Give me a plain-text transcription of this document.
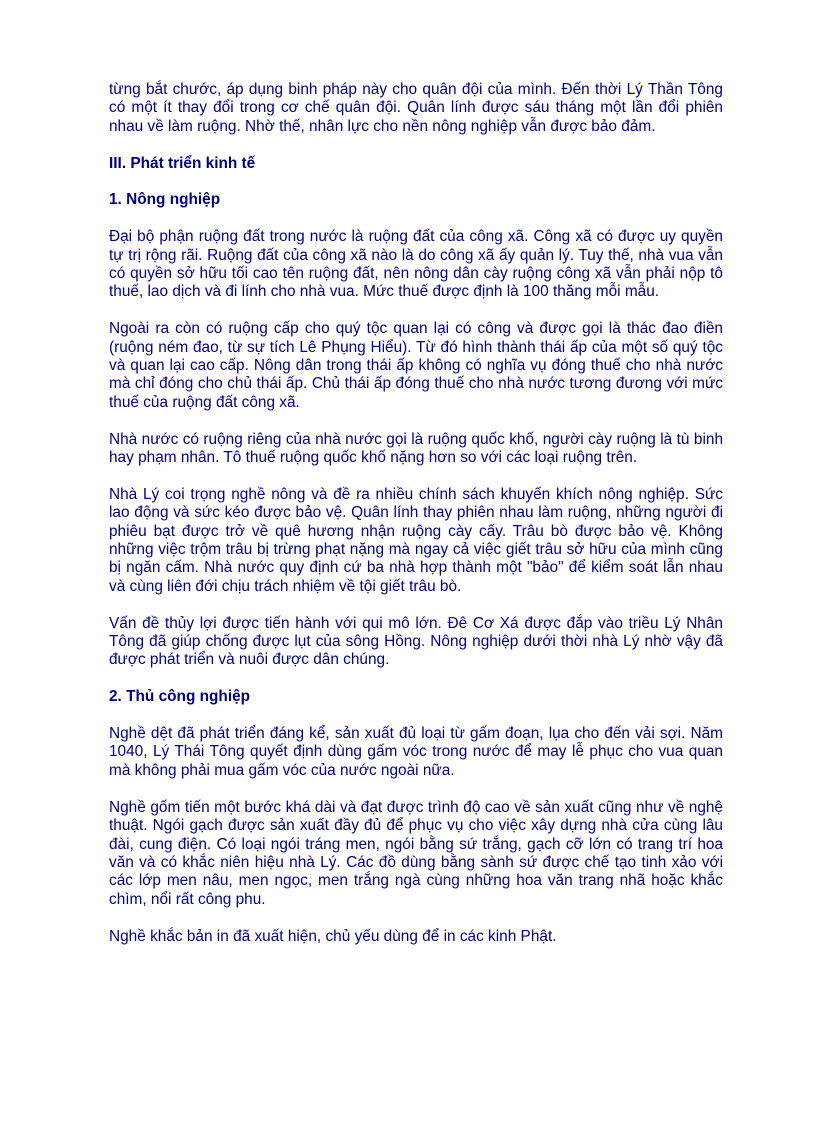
từng bắt chước, áp dụng binh pháp này cho quân đội của mình. Đến thời Lý Thần Tông có một ít thay đổi trong cơ chế quân đội. Quân lính được sáu tháng một lần đổi phiên nhau về làm ruộng. Nhờ thế, nhân lực cho nền nông nghiệp vẫn được bảo đảm.

III. Phát triển kinh tế

1. Nông nghiệp

Đại bộ phận ruộng đất trong nước là ruộng đất của công xã. Công xã có được uy quyền tự trị rộng rãi. Ruộng đất của công xã nào là do công xã ấy quản lý. Tuy thế, nhà vua vẫn có quyền sở hữu tối cao tên ruộng đất, nên nông dân cày ruộng công xã vẫn phải nộp tô thuế, lao dịch và đi lính cho nhà vua. Mức thuế được định là 100 thăng mỗi mẫu.

Ngoài ra còn có ruộng cấp cho quý tộc quan lại có công và được gọi là thác đao điền (ruộng ném đao, từ sự tích Lê Phụng Hiểu). Từ đó hình thành thái ấp của một số quý tộc và quan lại cao cấp. Nông dân trong thái ấp không có nghĩa vụ đóng thuế cho nhà nước mà chỉ đóng cho chủ thái ấp. Chủ thái ấp đóng thuế cho nhà nước tương đương với mức thuế của ruộng đất công xã.

Nhà nước có ruộng riêng của nhà nước gọi là ruộng quốc khố, người cày ruộng là tù binh hay phạm nhân. Tô thuế ruộng quốc khố nặng hơn so với các loại ruộng trên.

Nhà Lý coi trọng nghề nông và đề ra nhiều chính sách khuyến khích nông nghiệp. Sức lao động và sức kéo được bảo vệ. Quân lính thay phiên nhau làm ruộng, những người đi phiêu bạt được trở về quê hương nhận ruộng cày cấy. Trâu bò được bảo vệ. Không những việc trộm trâu bị trừng phạt nặng mà ngay cả việc giết trâu sở hữu của mình cũng bị ngăn cấm. Nhà nước quy định cứ ba nhà hợp thành một "bảo" để kiểm soát lẫn nhau và cùng liên đới chịu trách nhiệm về tội giết trâu bò.

Vấn đề thủy lợi được tiến hành với qui mô lớn. Đê Cơ Xá được đắp vào triều Lý Nhân Tông đã giúp chống được lụt của sông Hồng. Nông nghiệp dưới thời nhà Lý nhờ vậy đã được phát triển và nuôi được dân chúng.

2. Thủ công nghiệp

Nghề dệt đã phát triển đáng kể, sản xuất đủ loại từ gấm đoạn, lụa cho đến vải sợi. Năm 1040, Lý Thái Tông quyết định dùng gấm vóc trong nước để may lễ phục cho vua quan mà không phải mua gấm vóc của nước ngoài nữa.

Nghề gốm tiến một bước khá dài và đạt được trình độ cao về sản xuất cũng như về nghệ thuật. Ngói gạch được sản xuất đầy đủ để phục vụ cho việc xây dựng nhà cửa cùng lâu đài, cung điện. Có loại ngói tráng men, ngói bằng sứ trắng, gạch cỡ lớn có trang trí hoa văn và có khắc niên hiệu nhà Lý. Các đồ dùng bằng sành sứ được chế tạo tinh xảo với các lớp men nâu, men ngọc, men trắng ngà cùng những hoa văn trang nhã hoặc khắc chìm, nổi rất công phu.

Nghề khắc bản in đã xuất hiện, chủ yếu dùng để in các kinh Phật.
